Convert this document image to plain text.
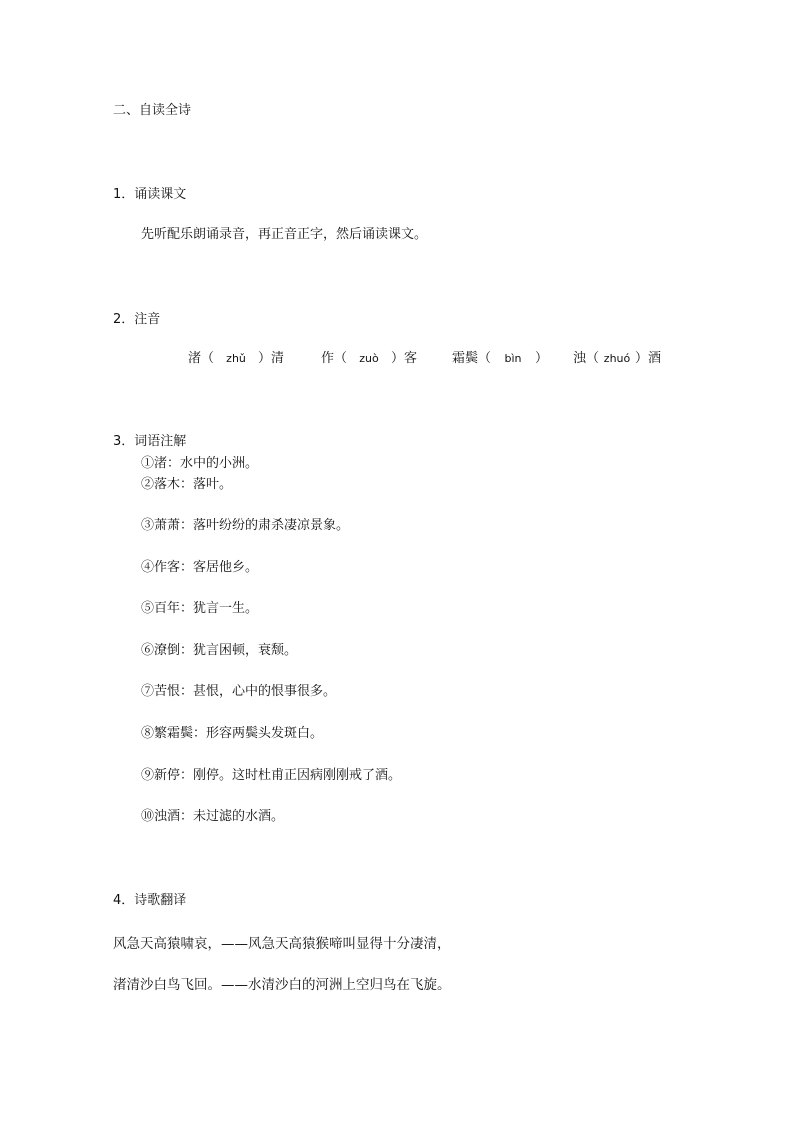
二、自读全诗
1．诵读课文
先听配乐朗诵录音，再正音正字，然后诵读课文。
2．注音
渚（ zhǔ ）清	作（ zuò ）客	霜鬓（ bìn ） 浊（ zhuó ）酒
3．词语注解
①渚：水中的小洲。
②落木：落叶。
③萧萧：落叶纷纷的肃杀凄凉景象。
④作客：客居他乡。
⑤百年：犹言一生。
⑥潦倒：犹言困顿，衰颓。
⑦苦恨：甚恨，心中的恨事很多。
⑧繁霜鬓：形容两鬓头发斑白。
⑨新停：刚停。这时杜甫正因病刚刚戒了酒。
⑩浊酒：未过滤的水酒。
4．诗歌翻译
风急天高猿啸哀，——风急天高猿猴啼叫显得十分凄清，
渚清沙白鸟飞回。——水清沙白的河洲上空归鸟在飞旋。
